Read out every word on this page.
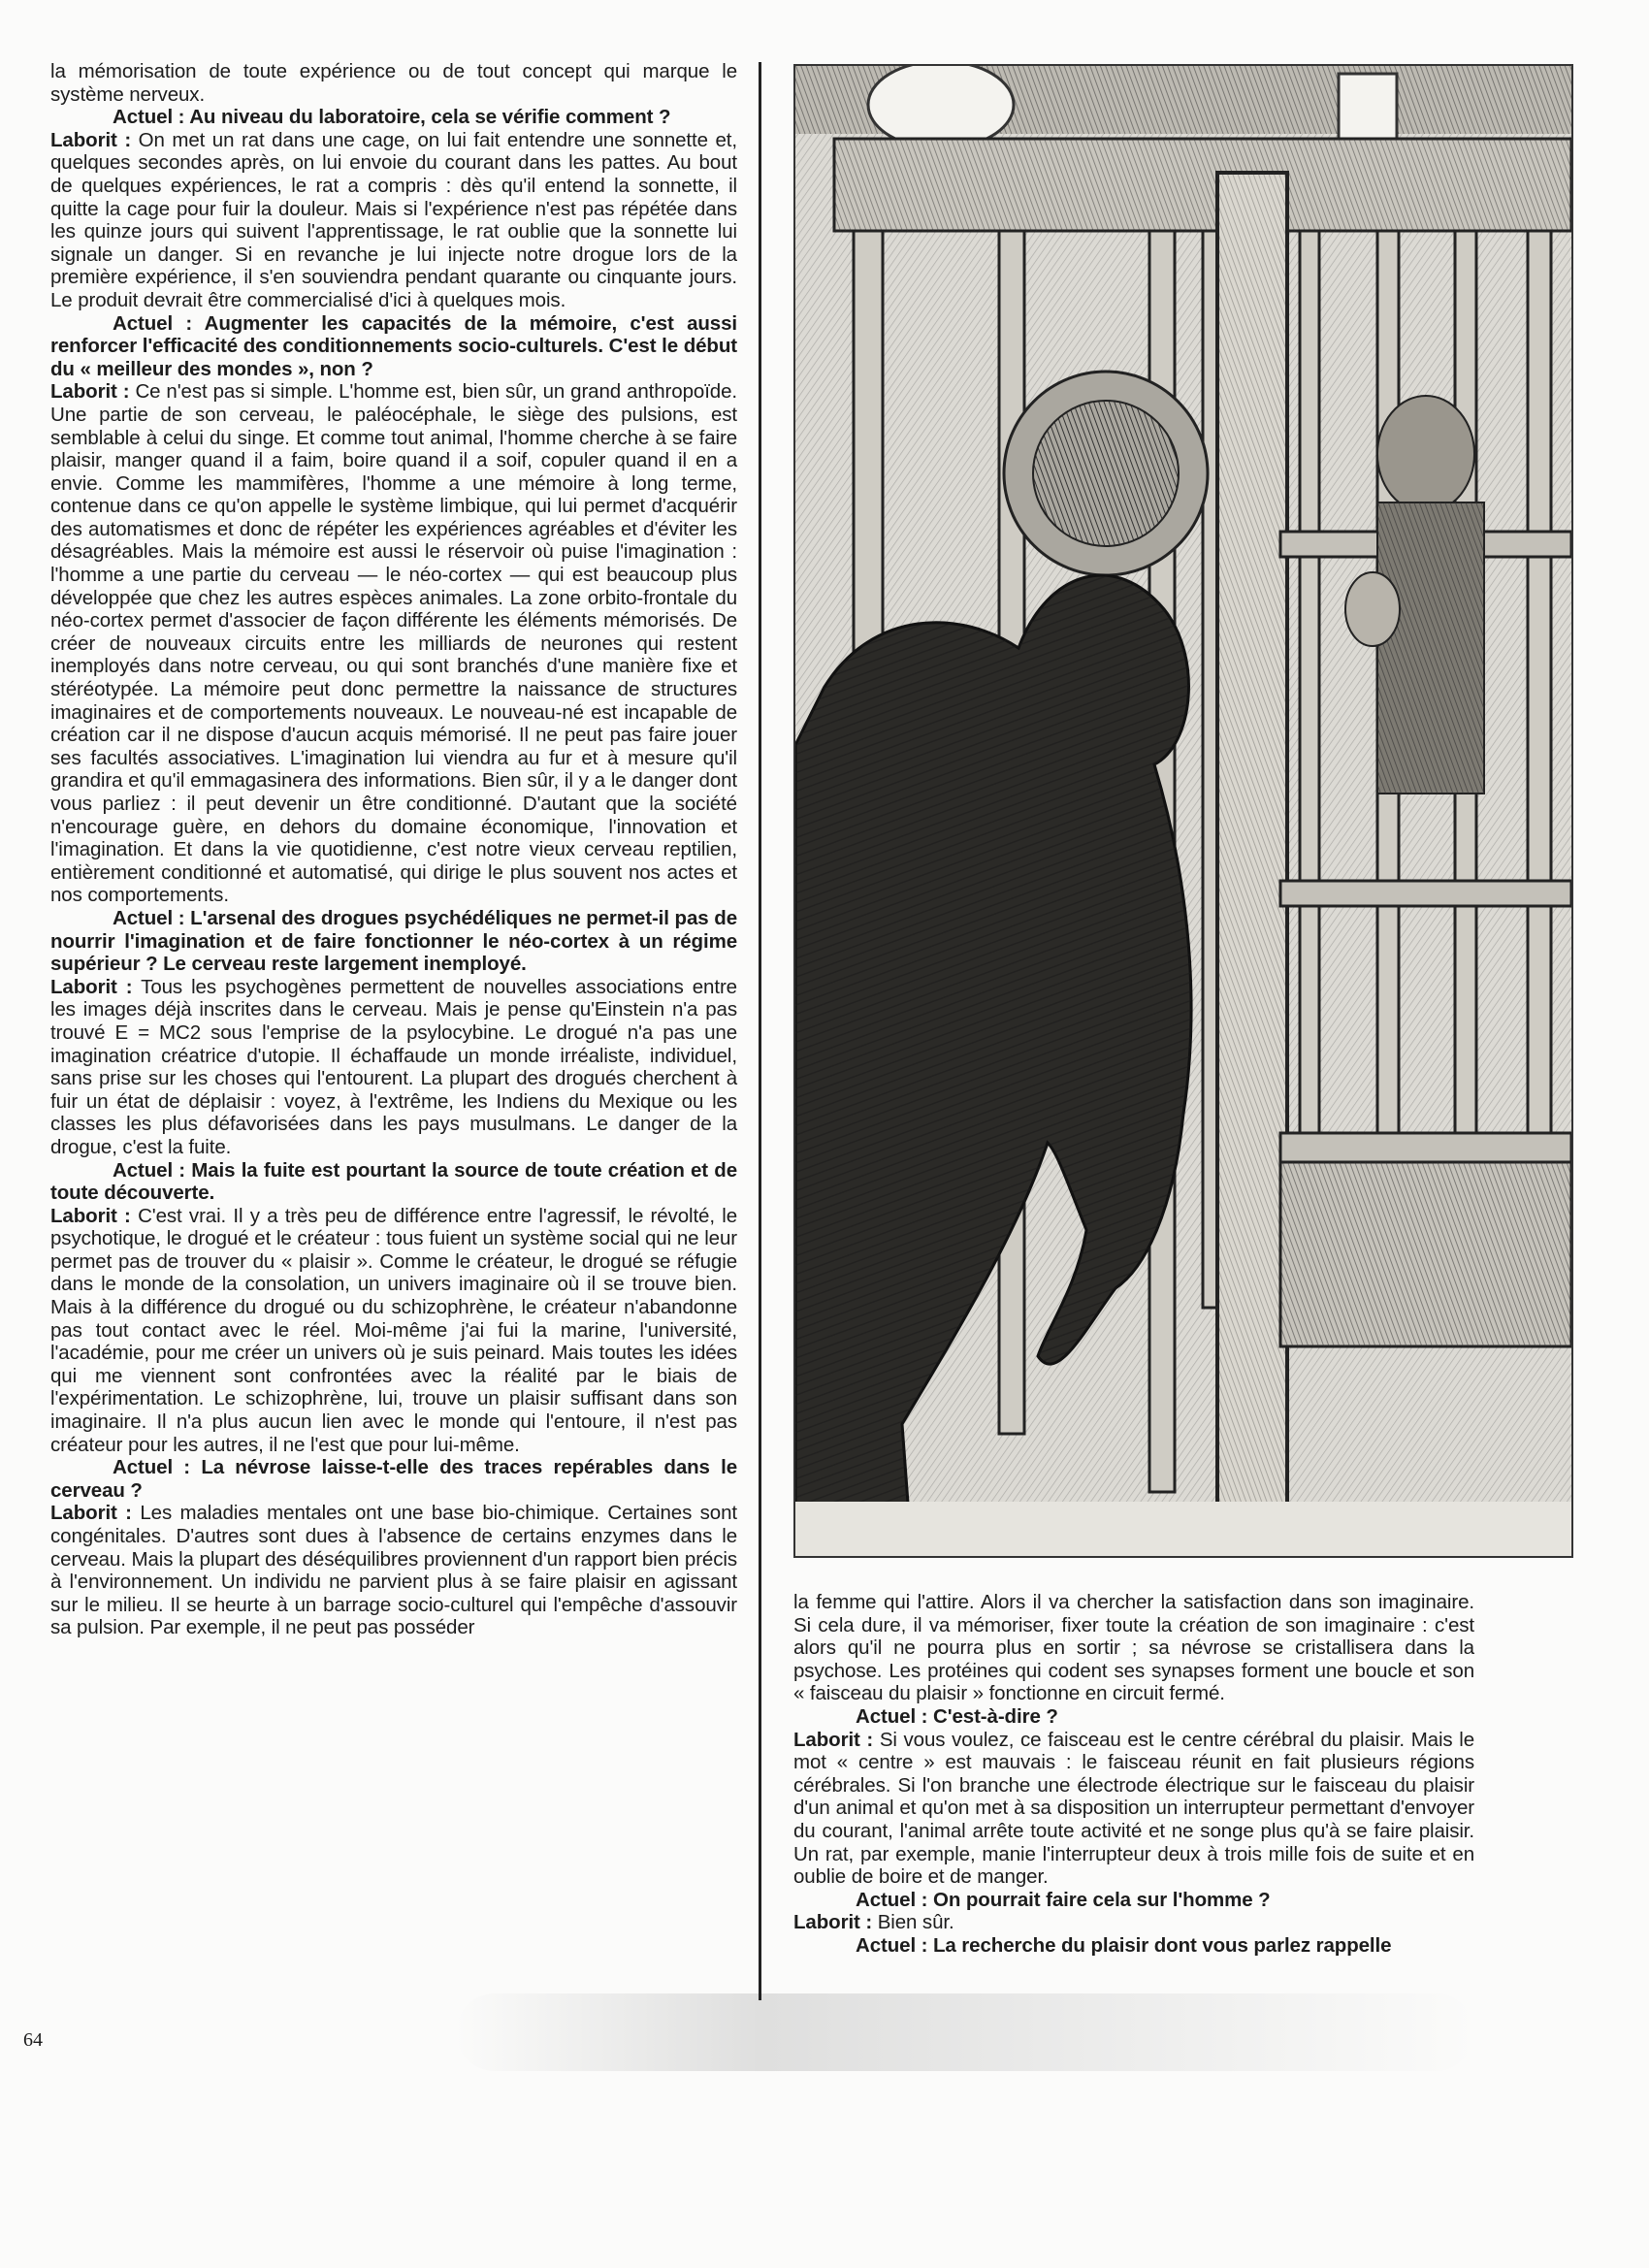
la mémorisation de toute expérience ou de tout concept qui marque le système nerveux.

Actuel : Au niveau du laboratoire, cela se vérifie comment ?

Laborit : On met un rat dans une cage, on lui fait entendre une sonnette et, quelques secondes après, on lui envoie du courant dans les pattes. Au bout de quelques expériences, le rat a compris : dès qu'il entend la sonnette, il quitte la cage pour fuir la douleur. Mais si l'expérience n'est pas répétée dans les quinze jours qui suivent l'apprentissage, le rat oublie que la sonnette lui signale un danger. Si en revanche je lui injecte notre drogue lors de la première expérience, il s'en souviendra pendant quarante ou cinquante jours. Le produit devrait être commercialisé d'ici à quelques mois.

Actuel : Augmenter les capacités de la mémoire, c'est aussi renforcer l'efficacité des conditionnements socio-culturels. C'est le début du « meilleur des mondes », non ?

Laborit : Ce n'est pas si simple. L'homme est, bien sûr, un grand anthropoïde. Une partie de son cerveau, le paléocéphale, le siège des pulsions, est semblable à celui du singe. Et comme tout animal, l'homme cherche à se faire plaisir, manger quand il a faim, boire quand il a soif, copuler quand il en a envie. Comme les mammifères, l'homme a une mémoire à long terme, contenue dans ce qu'on appelle le système limbique, qui lui permet d'acquérir des automatismes et donc de répéter les expériences agréables et d'éviter les désagréables. Mais la mémoire est aussi le réservoir où puise l'imagination : l'homme a une partie du cerveau — le néo-cortex — qui est beaucoup plus développée que chez les autres espèces animales. La zone orbito-frontale du néo-cortex permet d'associer de façon différente les éléments mémorisés. De créer de nouveaux circuits entre les milliards de neurones qui restent inemployés dans notre cerveau, ou qui sont branchés d'une manière fixe et stéréotypée. La mémoire peut donc permettre la naissance de structures imaginaires et de comportements nouveaux. Le nouveau-né est incapable de création car il ne dispose d'aucun acquis mémorisé. Il ne peut pas faire jouer ses facultés associatives. L'imagination lui viendra au fur et à mesure qu'il grandira et qu'il emmagasinera des informations. Bien sûr, il y a le danger dont vous parliez : il peut devenir un être conditionné. D'autant que la société n'encourage guère, en dehors du domaine économique, l'innovation et l'imagination. Et dans la vie quotidienne, c'est notre vieux cerveau reptilien, entièrement conditionné et automatisé, qui dirige le plus souvent nos actes et nos comportements.

Actuel : L'arsenal des drogues psychédéliques ne permet-il pas de nourrir l'imagination et de faire fonctionner le néo-cortex à un régime supérieur ? Le cerveau reste largement inemployé.

Laborit : Tous les psychogènes permettent de nouvelles associations entre les images déjà inscrites dans le cerveau. Mais je pense qu'Einstein n'a pas trouvé E = MC2 sous l'emprise de la psylocybine. Le drogué n'a pas une imagination créatrice d'utopie. Il échaffaude un monde irréaliste, individuel, sans prise sur les choses qui l'entourent. La plupart des drogués cherchent à fuir un état de déplaisir : voyez, à l'extrême, les Indiens du Mexique ou les classes les plus défavorisées dans les pays musulmans. Le danger de la drogue, c'est la fuite.

Actuel : Mais la fuite est pourtant la source de toute création et de toute découverte.

Laborit : C'est vrai. Il y a très peu de différence entre l'agressif, le révolté, le psychotique, le drogué et le créateur : tous fuient un système social qui ne leur permet pas de trouver du « plaisir ». Comme le créateur, le drogué se réfugie dans le monde de la consolation, un univers imaginaire où il se trouve bien. Mais à la différence du drogué ou du schizophrène, le créateur n'abandonne pas tout contact avec le réel. Moi-même j'ai fui la marine, l'université, l'académie, pour me créer un univers où je suis peinard. Mais toutes les idées qui me viennent sont confrontées avec la réalité par le biais de l'expérimentation. Le schizophrène, lui, trouve un plaisir suffisant dans son imaginaire. Il n'a plus aucun lien avec le monde qui l'entoure, il n'est pas créateur pour les autres, il ne l'est que pour lui-même.

Actuel : La névrose laisse-t-elle des traces repérables dans le cerveau ?

Laborit : Les maladies mentales ont une base bio-chimique. Certaines sont congénitales. D'autres sont dues à l'absence de certains enzymes dans le cerveau. Mais la plupart des déséquilibres proviennent d'un rapport bien précis à l'environnement. Un individu ne parvient plus à se faire plaisir en agissant sur le milieu. Il se heurte à un barrage socio-culturel qui l'empêche d'assouvir sa pulsion. Par exemple, il ne peut pas posséder

la femme qui l'attire. Alors il va chercher la satisfaction dans son imaginaire. Si cela dure, il va mémoriser, fixer toute la création de son imaginaire : c'est alors qu'il ne pourra plus en sortir ; sa névrose se cristallisera dans la psychose. Les protéines qui codent ses synapses forment une boucle et son « faisceau du plaisir » fonctionne en circuit fermé.

Actuel : C'est-à-dire ?

Laborit : Si vous voulez, ce faisceau est le centre cérébral du plaisir. Mais le mot « centre » est mauvais : le faisceau réunit en fait plusieurs régions cérébrales. Si l'on branche une électrode électrique sur le faisceau du plaisir d'un animal et qu'on met à sa disposition un interrupteur permettant d'envoyer du courant, l'animal arrête toute activité et ne songe plus qu'à se faire plaisir. Un rat, par exemple, manie l'interrupteur deux à trois mille fois de suite et en oublie de boire et de manger.

Actuel : On pourrait faire cela sur l'homme ?

Laborit : Bien sûr.

Actuel : La recherche du plaisir dont vous parlez rappelle

64
